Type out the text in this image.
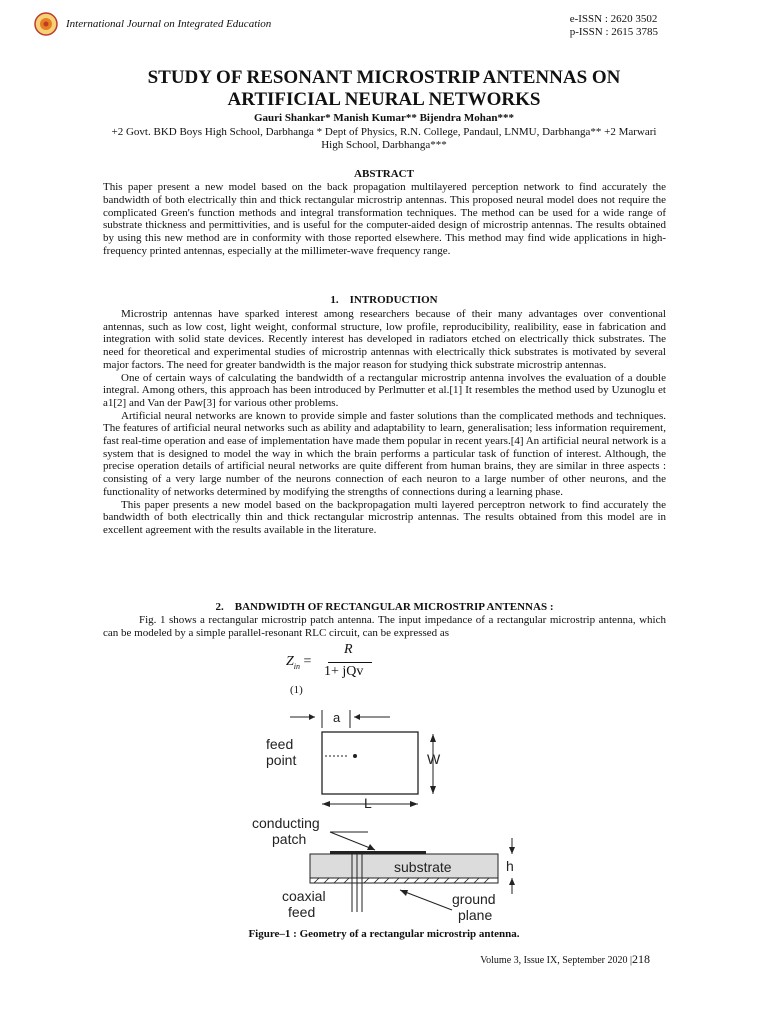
International Journal on Integrated Education	e-ISSN : 2620 3502
p-ISSN : 2615 3785
STUDY OF RESONANT MICROSTRIP ANTENNAS ON
ARTIFICIAL NEURAL NETWORKS
Gauri Shankar* Manish Kumar** Bijendra Mohan***
+2 Govt. BKD Boys High School, Darbhanga * Dept of Physics, R.N. College, Pandaul, LNMU, Darbhanga** +2 Marwari High School, Darbhanga***
ABSTRACT

This paper present a new model based on the back propagation multilayered perception network to find accurately the bandwidth of both electrically thin and thick rectangular microstrip antennas. This proposed neural model does not require the complicated Green's function methods and integral transformation techniques. The method can be used for a wide range of substrate thickness and permittivities, and is useful for the computer-aided design of microstrip antennas. The results obtained by using this new method are in conformity with those reported elsewhere. This method may find wide applications in high-frequency printed antennas, especially at the millimeter-wave frequency range.

1.    INTRODUCTION

Microstrip antennas have sparked interest among researchers because of their many advantages over conventional antennas, such as low cost, light weight, conformal structure, low profile, reproducibility, realibility, ease in fabrication and integration with solid state devices. Recently interest has developed in radiators etched on electrically thick substrates. The need for theoretical and experimental studies of microstrip antennas with electrically thick substrates is motivated by several major factors. The need for greater bandwidth is the major reason for studying thick substrate microstrip antennas.

One of certain ways of calculating the bandwidth of a rectangular microstrip antenna involves the evaluation of a double integral. Among others, this approach has been introduced by Perlmutter et al.[1] It resembles the method used by Uzunoglu et a1[2] and Van der Paw[3] for various other problems.

Artificial neural networks are known to provide simple and faster solutions than the complicated methods and techniques. The features of artificial neural networks such as ability and adaptability to learn, generalisation; less information requirement, fast real-time operation and ease of implementation have made them popular in recent years.[4] An artificial neural network is a system that is designed to model the way in which the brain performs a particular task of function of interest. Although, the precise operation details of artificial neural networks are quite different from human brains, they are similar in three aspects : consisting of a very large number of the neurons connection of each neuron to a large number of other neurons, and the functionality of networks determined by modifying the strengths of connections during a learning phase.

This paper presents a new model based on the backpropagation multi layered perceptron network to find accurately the bandwidth of both electrically thin and thick rectangular microstrip antennas. The results obtained from this model are in excellent agreement with the results available in the literature.

2.    BANDWIDTH OF RECTANGULAR MICROSTRIP ANTENNAS :

Fig. 1 shows a rectangular microstrip patch antenna. The input impedance of a rectangular microstrip antenna, which can be modeled by a simple parallel-resonant RLC circuit, can be expressed as

$Z_{in}$ =
R
1+ jQv
(1)
a
feed
point	W
L
conducting
patch
substrate	h
coaxial
feed
ground
plane
Figure–1 : Geometry of a rectangular microstrip antenna.
Volume 3, Issue IX, September 2020 |218
